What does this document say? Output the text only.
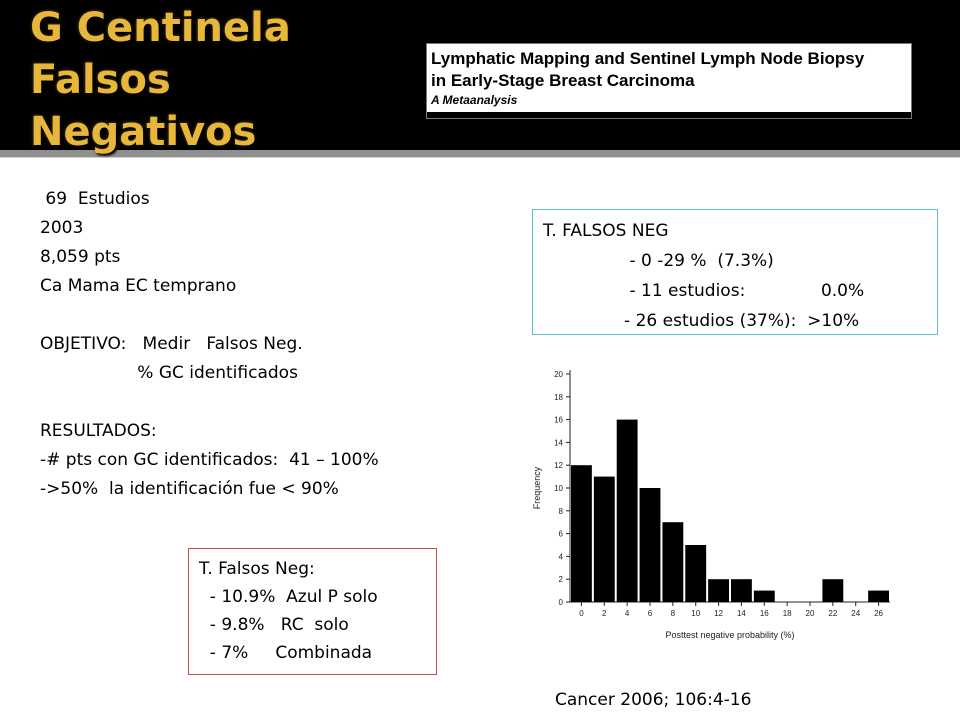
G Centinela
Falsos
Negativos
Lymphatic Mapping and Sentinel Lymph Node Biopsy
in Early-Stage Breast Carcinoma
A Metaanalysis
69  Estudios
2003
8,059 pts
Ca Mama EC temprano
OBJETIVO:   Medir   Falsos Neg.
% GC identificados
RESULTADOS:
-# pts con GC identificados:  41 – 100%
->50%  la identificación fue < 90%
T. FALSOS NEG
- 0 -29 %  (7.3%)
- 11 estudios:              0.0%
- 26 estudios (37%):  >10%
T. Falsos Neg:
- 10.9%  Azul P solo
- 9.8%   RC  solo
- 7%     Combinada
0
2
4
6
8
10
12
14
16
18
20
0 2 4 6 8 10 12 14 16 18 20 22 24 26
Posttest negative probability (%)
Frequency
Cancer 2006; 106:4-16
